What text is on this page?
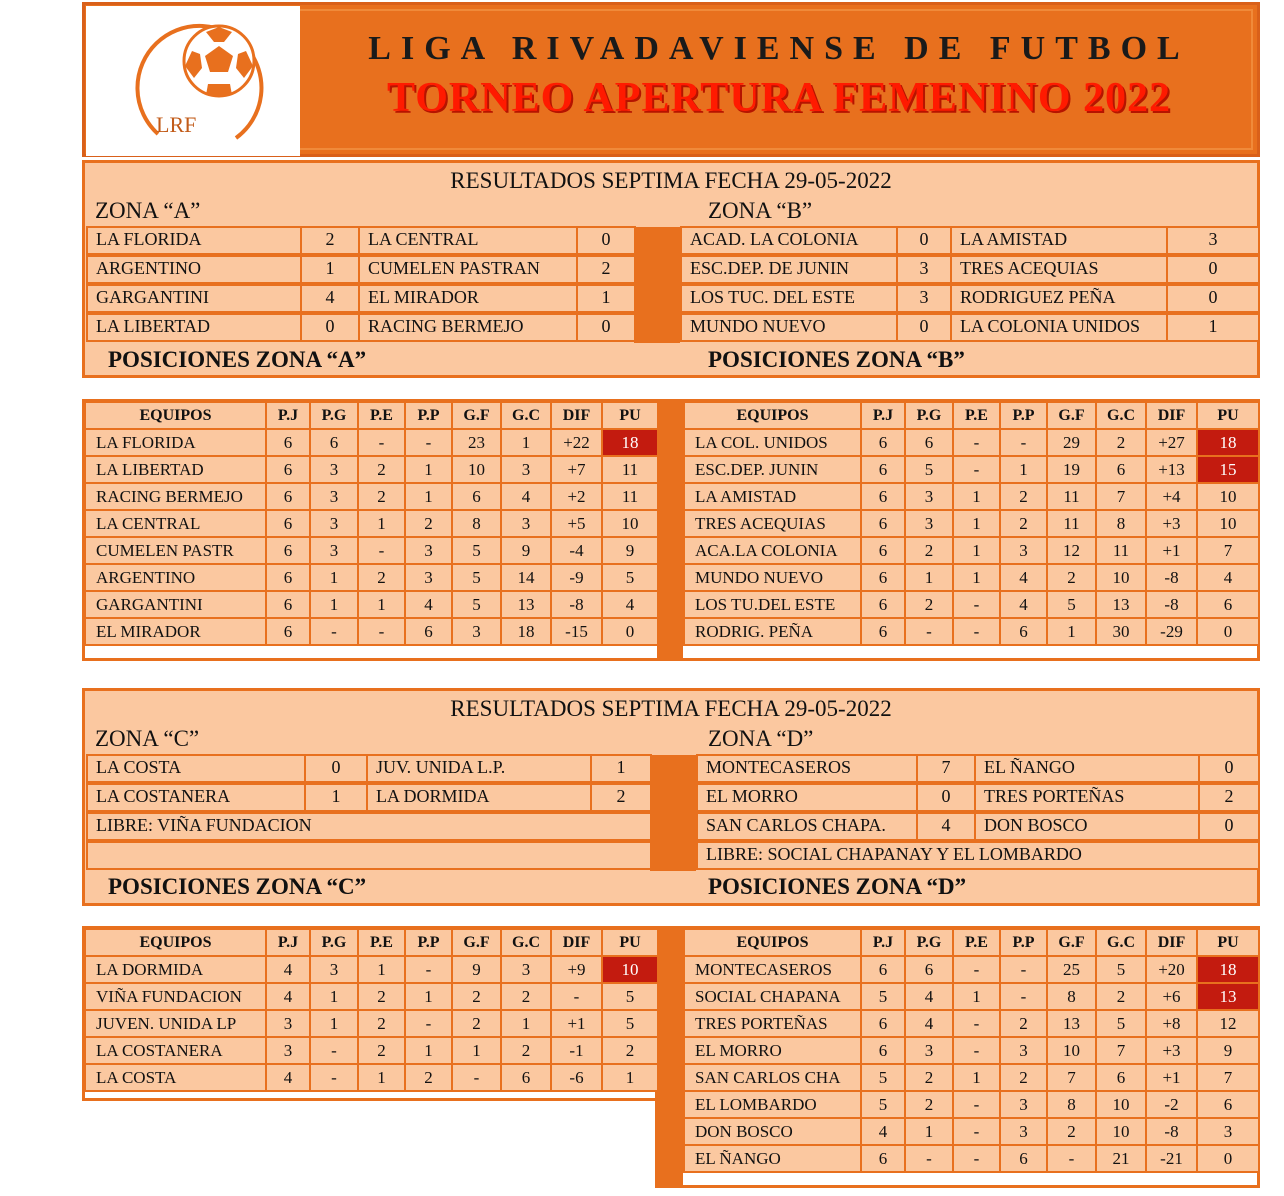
LRF
LIGA RIVADAVIENSE DE FUTBOL
TORNEO APERTURA FEMENINO 2022
RESULTADOS SEPTIMA FECHA 29-05-2022
ZONA “A”	ZONA “B”
LA FLORIDA	2	LA CENTRAL	0
ARGENTINO	1	CUMELEN PASTRAN	2
GARGANTINI	4	EL MIRADOR	1
LA LIBERTAD	0	RACING BERMEJO	0
ACAD. LA COLONIA	0	LA AMISTAD	3
ESC.DEP. DE JUNIN	3	TRES ACEQUIAS	0
LOS TUC. DEL ESTE	3	RODRIGUEZ PEÑA	0
MUNDO NUEVO	0	LA COLONIA UNIDOS	1
POSICIONES ZONA “A”	POSICIONES ZONA “B”
EQUIPOS	P.J	P.G	P.E	P.P	G.F	G.C	DIF	PU
LA FLORIDA	6	6	-	-	23	1	+22	18
LA LIBERTAD	6	3	2	1	10	3	+7	11
RACING BERMEJO	6	3	2	1	6	4	+2	11
LA CENTRAL	6	3	1	2	8	3	+5	10
CUMELEN PASTR	6	3	-	3	5	9	-4	9
ARGENTINO	6	1	2	3	5	14	-9	5
GARGANTINI	6	1	1	4	5	13	-8	4
EL MIRADOR	6	-	-	6	3	18	-15	0
EQUIPOS	P.J	P.G	P.E	P.P	G.F	G.C	DIF	PU
LA COL. UNIDOS	6	6	-	-	29	2	+27	18
ESC.DEP. JUNIN	6	5	-	1	19	6	+13	15
LA AMISTAD	6	3	1	2	11	7	+4	10
TRES ACEQUIAS	6	3	1	2	11	8	+3	10
ACA.LA COLONIA	6	2	1	3	12	11	+1	7
MUNDO NUEVO	6	1	1	4	2	10	-8	4
LOS TU.DEL ESTE	6	2	-	4	5	13	-8	6
RODRIG. PEÑA	6	-	-	6	1	30	-29	0
RESULTADOS SEPTIMA FECHA 29-05-2022
ZONA “C”	ZONA “D”
LA COSTA	0	JUV. UNIDA L.P.	1
LA COSTANERA	1	LA DORMIDA	2
MONTECASEROS	7	EL ÑANGO	0
EL MORRO	0	TRES PORTEÑAS	2
SAN CARLOS CHAPA.	4	DON BOSCO	0
LIBRE: VIÑA FUNDACION
LIBRE: SOCIAL CHAPANAY Y EL LOMBARDO
POSICIONES ZONA “C”	POSICIONES ZONA “D”
EQUIPOS	P.J	P.G	P.E	P.P	G.F	G.C	DIF	PU
LA DORMIDA	4	3	1	-	9	3	+9	10
VIÑA FUNDACION	4	1	2	1	2	2	-	5
JUVEN. UNIDA LP	3	1	2	-	2	1	+1	5
LA COSTANERA	3	-	2	1	1	2	-1	2
LA COSTA	4	-	1	2	-	6	-6	1
EQUIPOS	P.J	P.G	P.E	P.P	G.F	G.C	DIF	PU
MONTECASEROS	6	6	-	-	25	5	+20	18
SOCIAL CHAPANA	5	4	1	-	8	2	+6	13
TRES PORTEÑAS	6	4	-	2	13	5	+8	12
EL MORRO	6	3	-	3	10	7	+3	9
SAN CARLOS CHA	5	2	1	2	7	6	+1	7
EL LOMBARDO	5	2	-	3	8	10	-2	6
DON BOSCO	4	1	-	3	2	10	-8	3
EL ÑANGO	6	-	-	6	-	21	-21	0
